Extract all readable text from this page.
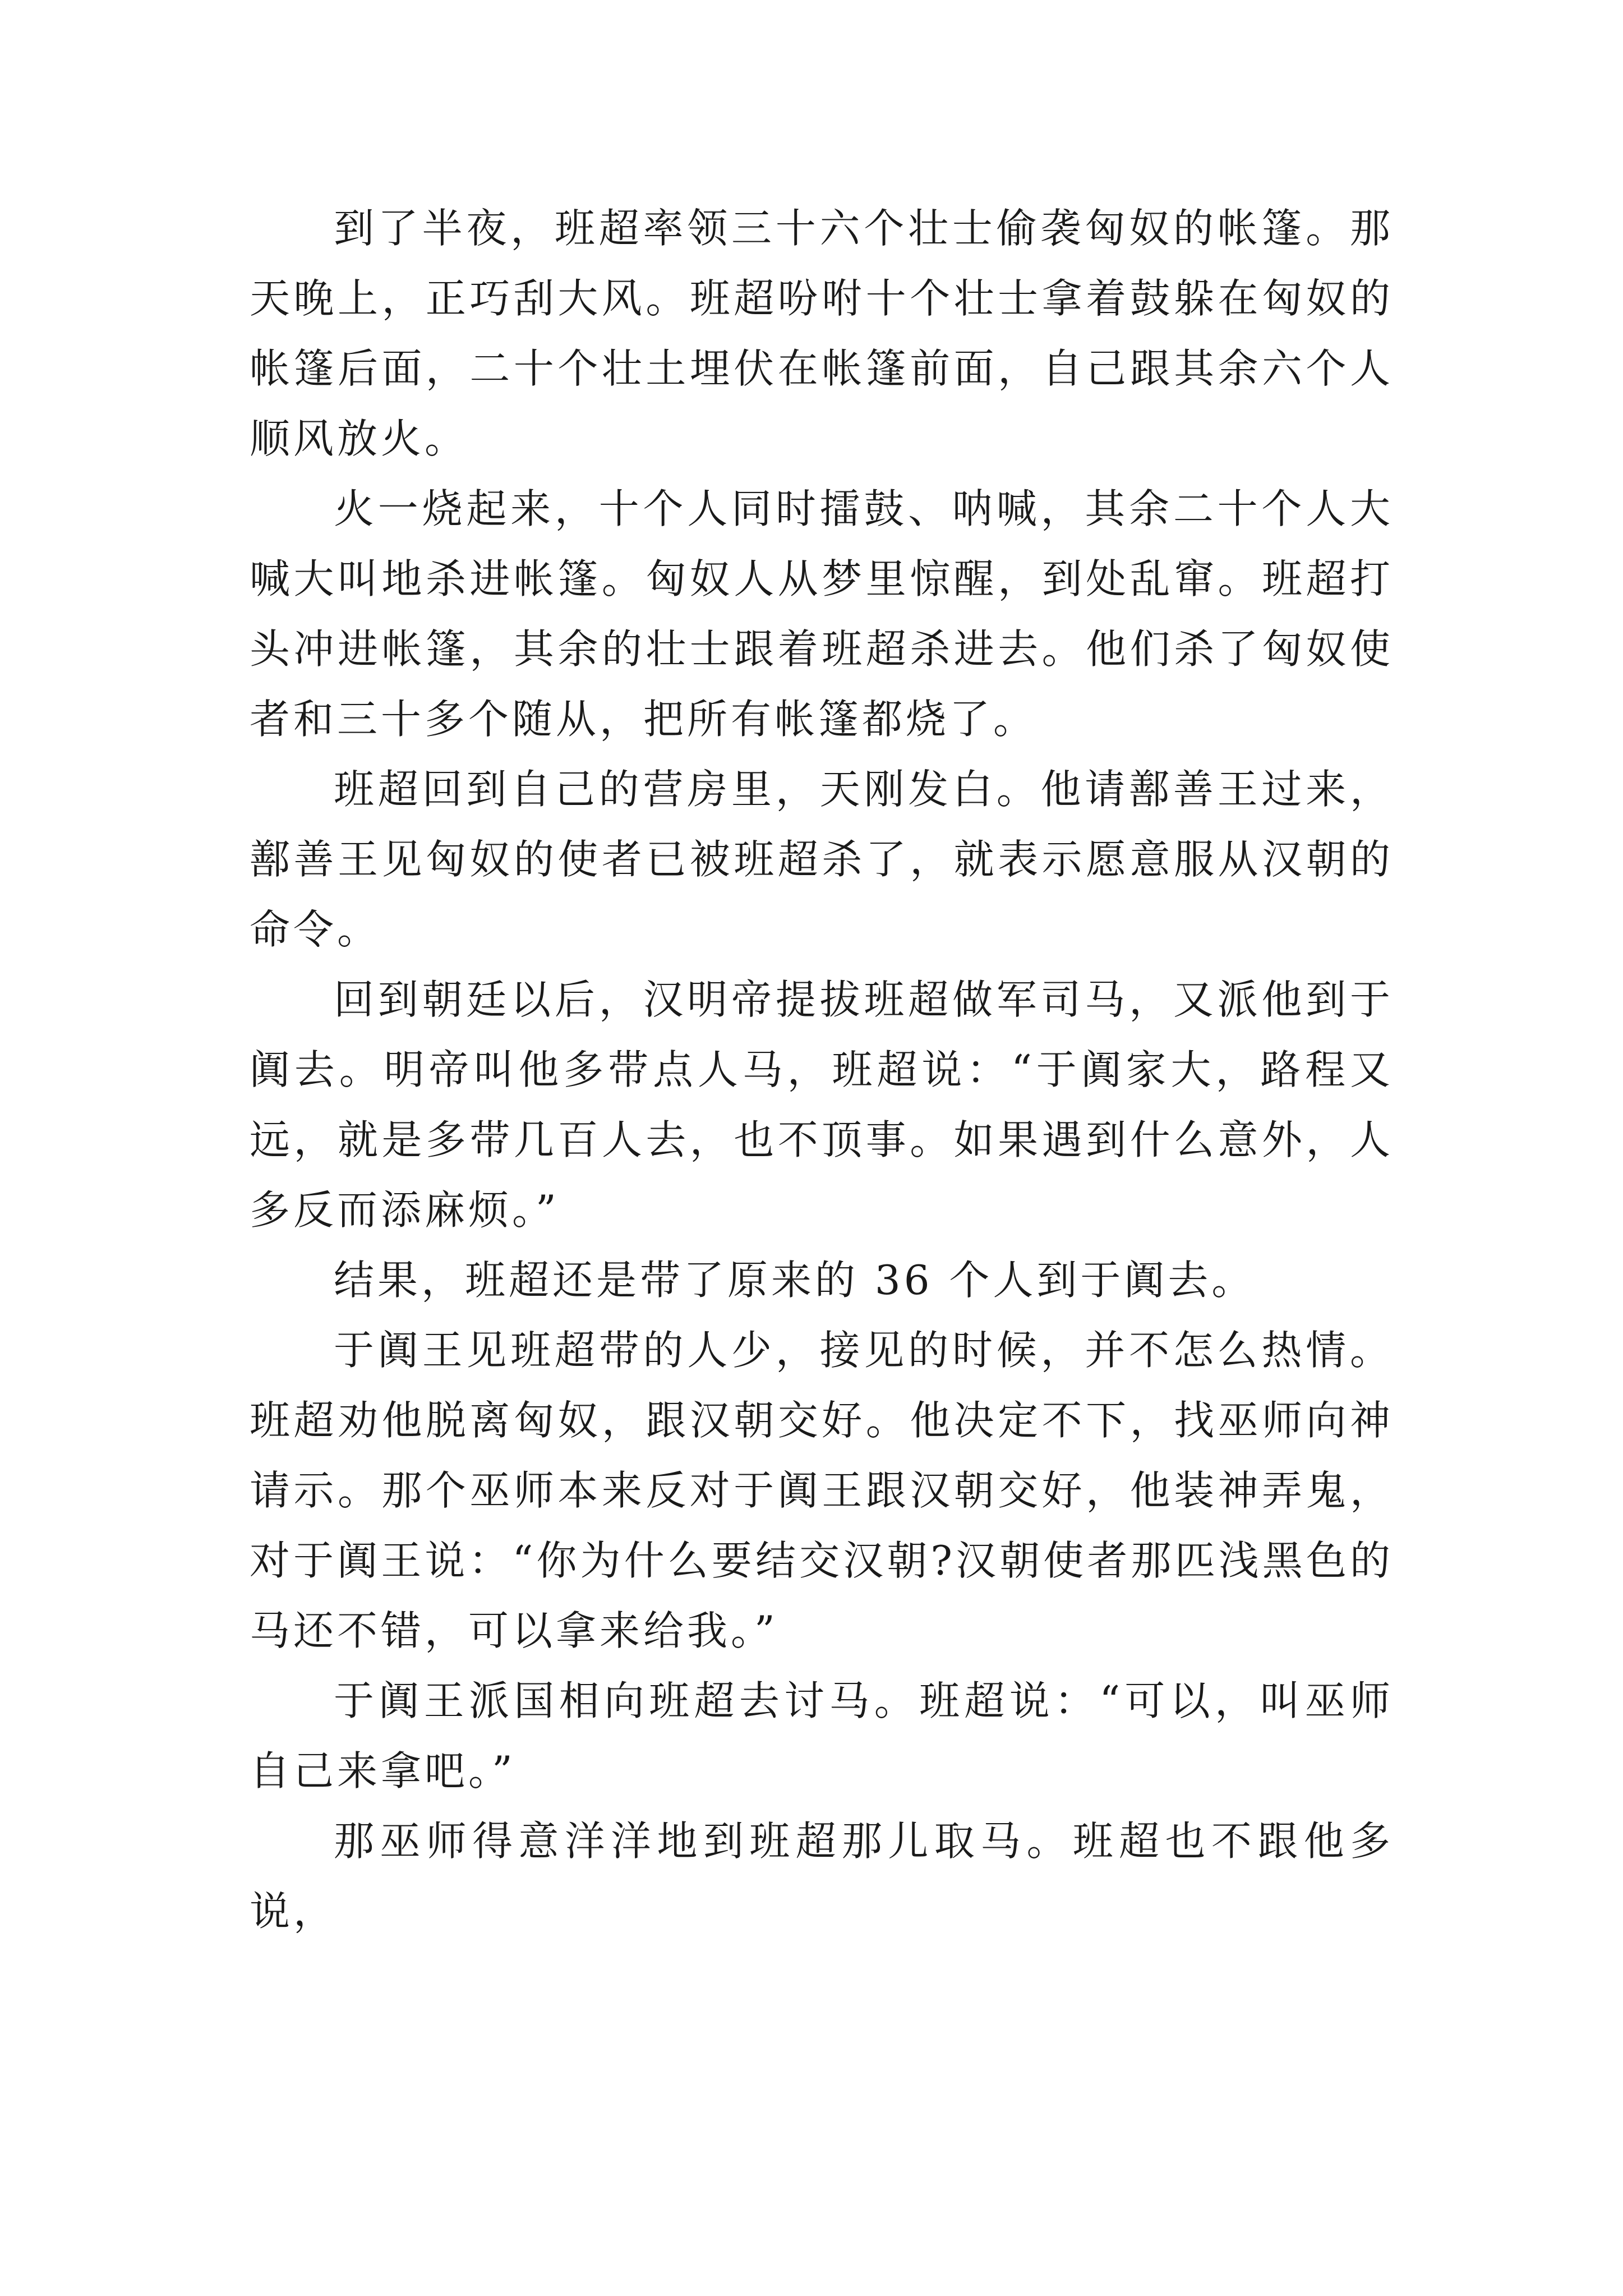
到了半夜，班超率领三十六个壮士偷袭匈奴的帐篷。那天晚上，正巧刮大风。班超吩咐十个壮士拿着鼓躲在匈奴的帐篷后面，二十个壮土埋伏在帐篷前面，自己跟其余六个人顺风放火。

火一烧起来，十个人同时擂鼓、呐喊，其余二十个人大喊大叫地杀进帐篷。匈奴人从梦里惊醒，到处乱窜。班超打头冲进帐篷，其余的壮士跟着班超杀进去。他们杀了匈奴使者和三十多个随从，把所有帐篷都烧了。

班超回到自己的营房里，天刚发白。他请鄯善王过来，鄯善王见匈奴的使者已被班超杀了，就表示愿意服从汉朝的命令。

回到朝廷以后，汉明帝提拔班超做军司马，又派他到于阗去。明帝叫他多带点人马，班超说：“于阗家大，路程又远，就是多带几百人去，也不顶事。如果遇到什么意外，人多反而添麻烦。”

结果，班超还是带了原来的 36 个人到于阗去。

于阗王见班超带的人少，接见的时候，并不怎么热情。班超劝他脱离匈奴，跟汉朝交好。他决定不下，找巫师向神请示。那个巫师本来反对于阗王跟汉朝交好，他装神弄鬼，对于阗王说：“你为什么要结交汉朝?汉朝使者那匹浅黑色的马还不错，可以拿来给我。”

于阗王派国相向班超去讨马。班超说：“可以，叫巫师自己来拿吧。”

那巫师得意洋洋地到班超那儿取马。班超也不跟他多说，
